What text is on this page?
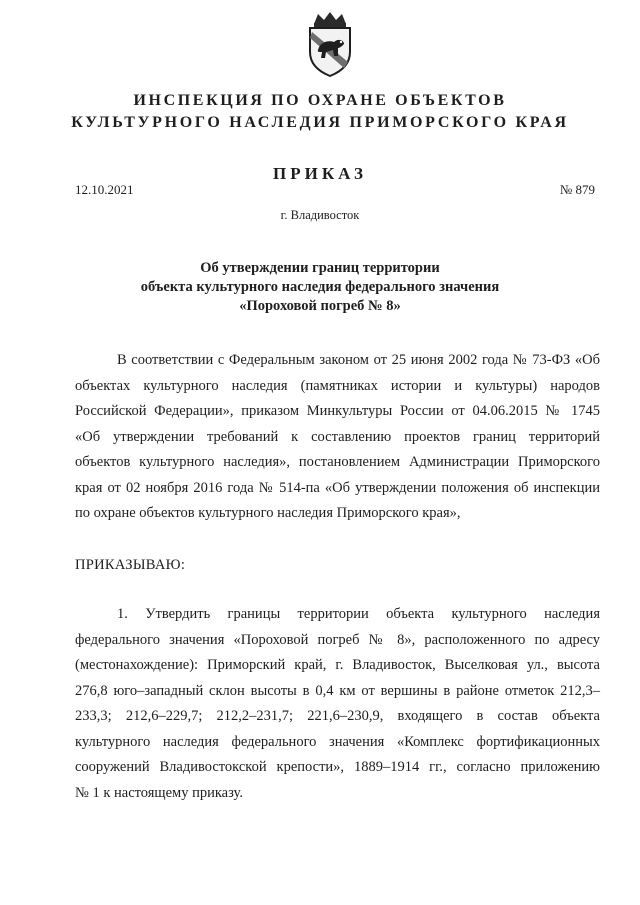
ИНСПЕКЦИЯ ПО ОХРАНЕ ОБЪЕКТОВ
КУЛЬТУРНОГО НАСЛЕДИЯ ПРИМОРСКОГО КРАЯ
ПРИКАЗ
12.10.2021	№ 879
г. Владивосток
Об утверждении границ территории
объекта культурного наследия федерального значения
«Пороховой погреб № 8»
В соответствии с Федеральным законом от 25 июня 2002 года № 73-ФЗ «Об
объектах культурного наследия (памятниках истории и культуры) народов
Российской Федерации», приказом Минкультуры России от 04.06.2015 № 1745
«Об утверждении требований к составлению проектов границ территорий
объектов культурного наследия», постановлением Администрации Приморского
края от 02 ноября 2016 года № 514-па «Об утверждении положения об инспекции
по охране объектов культурного наследия Приморского края»,
ПРИКАЗЫВАЮ:
1. Утвердить границы территории объекта культурного наследия
федерального значения «Пороховой погреб № 8», расположенного по адресу
(местонахождение): Приморский край, г. Владивосток, Выселковая ул., высота
276,8 юго–западный склон высоты в 0,4 км от вершины в районе отметок 212,3–
233,3; 212,6–229,7; 212,2–231,7; 221,6–230,9, входящего в состав объекта
культурного наследия федерального значения «Комплекс фортификационных
сооружений Владивостокской крепости», 1889–1914 гг., согласно приложению
№ 1 к настоящему приказу.
